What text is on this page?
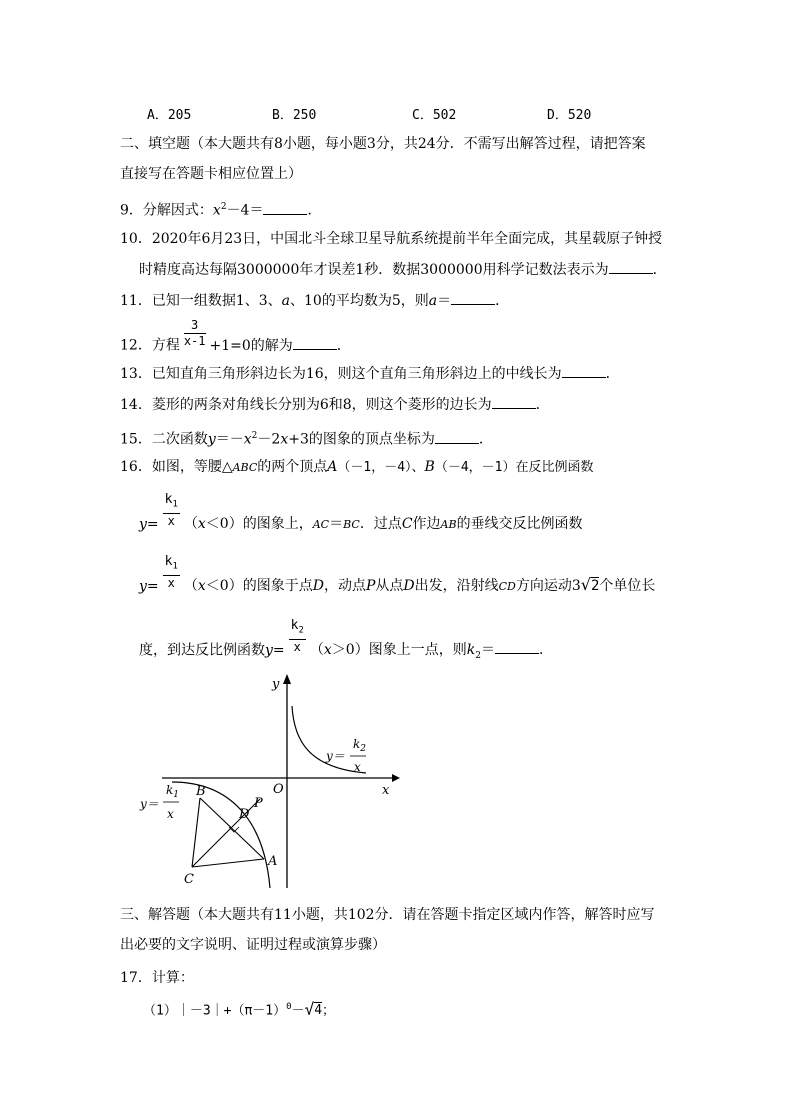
A．205	B．250	C．502	D．520
二、填空题（本大题共有8小题，每小题3分，共24分．不需写出解答过程，请把答案
直接写在答题卡相应位置上）
9．分解因式：$x^2-4=$	．
10．2020年6月23日，中国北斗全球卫星导航系统提前半年全面完成，其星载原子钟授
时精度高达每隔3000000年才误差1秒．数据3000000用科学记数法表示为	．
11．已知一组数据1、3、a、10的平均数为5，则a＝	．
12．方程 $\frac{3}{x-1} +1=0$的解为	．
13．已知直角三角形斜边长为16，则这个直角三角形斜边上的中线长为	．
14．菱形的两条对角线长分别为6和8，则这个菱形的边长为	．
15．二次函数$y=-x^2-2x+3$的图象的顶点坐标为	．
16．如图，等腰△ABC的两个顶点A（－1，－4）、B（－4，－1）在反比例函数
$y= \frac{k_1}{x} (x<0)$的图象上，AC＝BC．过点C作边AB的垂线交反比例函数
$y= \frac{k_1}{x} (x<0)$的图象于点D，动点P从点D出发，沿射线CD方向运动3√2个单位长
度，到达反比例函数$y= \frac{k_2}{x} (x>0)$图象上一点，则$k_2=$	．
y
x
O
y＝
$k_2$
x
y＝
$k_1$
x
B
C
A
D
P
三、解答题（本大题共有11小题，共102分．请在答题卡指定区域内作答，解答时应写
出必要的文字说明、证明过程或演算步骤）
17．计算：
$(1)|-3|+(\pi-1)^0-√4$；
